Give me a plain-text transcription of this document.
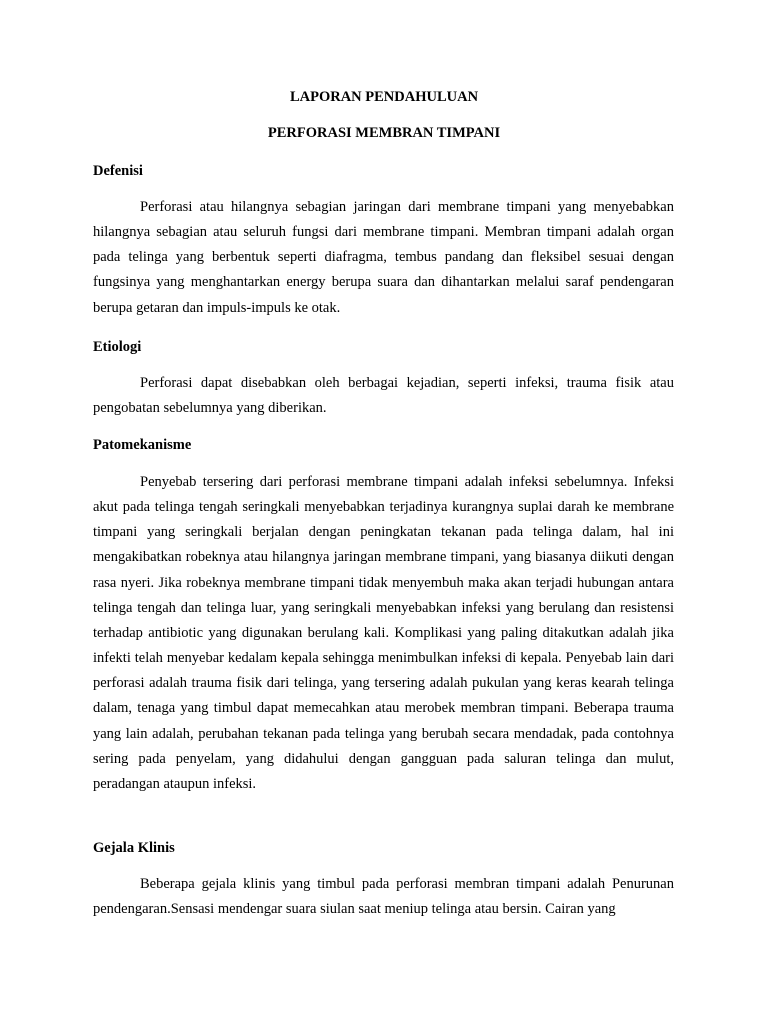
LAPORAN PENDAHULUAN

PERFORASI MEMBRAN TIMPANI

Defenisi

Perforasi atau hilangnya sebagian jaringan dari membrane timpani yang menyebabkan hilangnya sebagian atau seluruh fungsi dari membrane timpani. Membran timpani adalah organ pada telinga yang berbentuk seperti diafragma, tembus pandang dan fleksibel sesuai dengan fungsinya yang menghantarkan energy berupa suara dan dihantarkan melalui saraf pendengaran berupa getaran dan impuls-impuls ke otak.

Etiologi

Perforasi dapat disebabkan oleh berbagai kejadian, seperti infeksi, trauma fisik atau pengobatan sebelumnya yang diberikan.

Patomekanisme

Penyebab tersering dari perforasi membrane timpani adalah infeksi sebelumnya. Infeksi akut pada telinga tengah seringkali menyebabkan terjadinya kurangnya suplai darah ke membrane timpani yang seringkali berjalan dengan peningkatan tekanan pada telinga dalam, hal ini mengakibatkan robeknya atau hilangnya jaringan membrane timpani, yang biasanya diikuti dengan rasa nyeri. Jika robeknya membrane timpani tidak menyembuh maka akan terjadi hubungan antara telinga tengah dan telinga luar, yang seringkali menyebabkan infeksi yang berulang dan resistensi terhadap antibiotic yang digunakan berulang kali. Komplikasi yang paling ditakutkan adalah jika infekti telah menyebar kedalam kepala sehingga menimbulkan infeksi di kepala. Penyebab lain dari perforasi adalah trauma fisik dari telinga, yang tersering adalah pukulan yang keras kearah telinga dalam, tenaga yang timbul dapat memecahkan atau merobek membran timpani. Beberapa trauma yang lain adalah, perubahan tekanan pada telinga yang berubah secara mendadak, pada contohnya sering pada penyelam, yang didahului dengan gangguan pada saluran telinga dan mulut, peradangan ataupun infeksi.

Gejala Klinis

Beberapa gejala klinis yang timbul pada perforasi membran timpani adalah Penurunan pendengaran.Sensasi mendengar suara siulan saat meniup telinga atau bersin. Cairan yang
